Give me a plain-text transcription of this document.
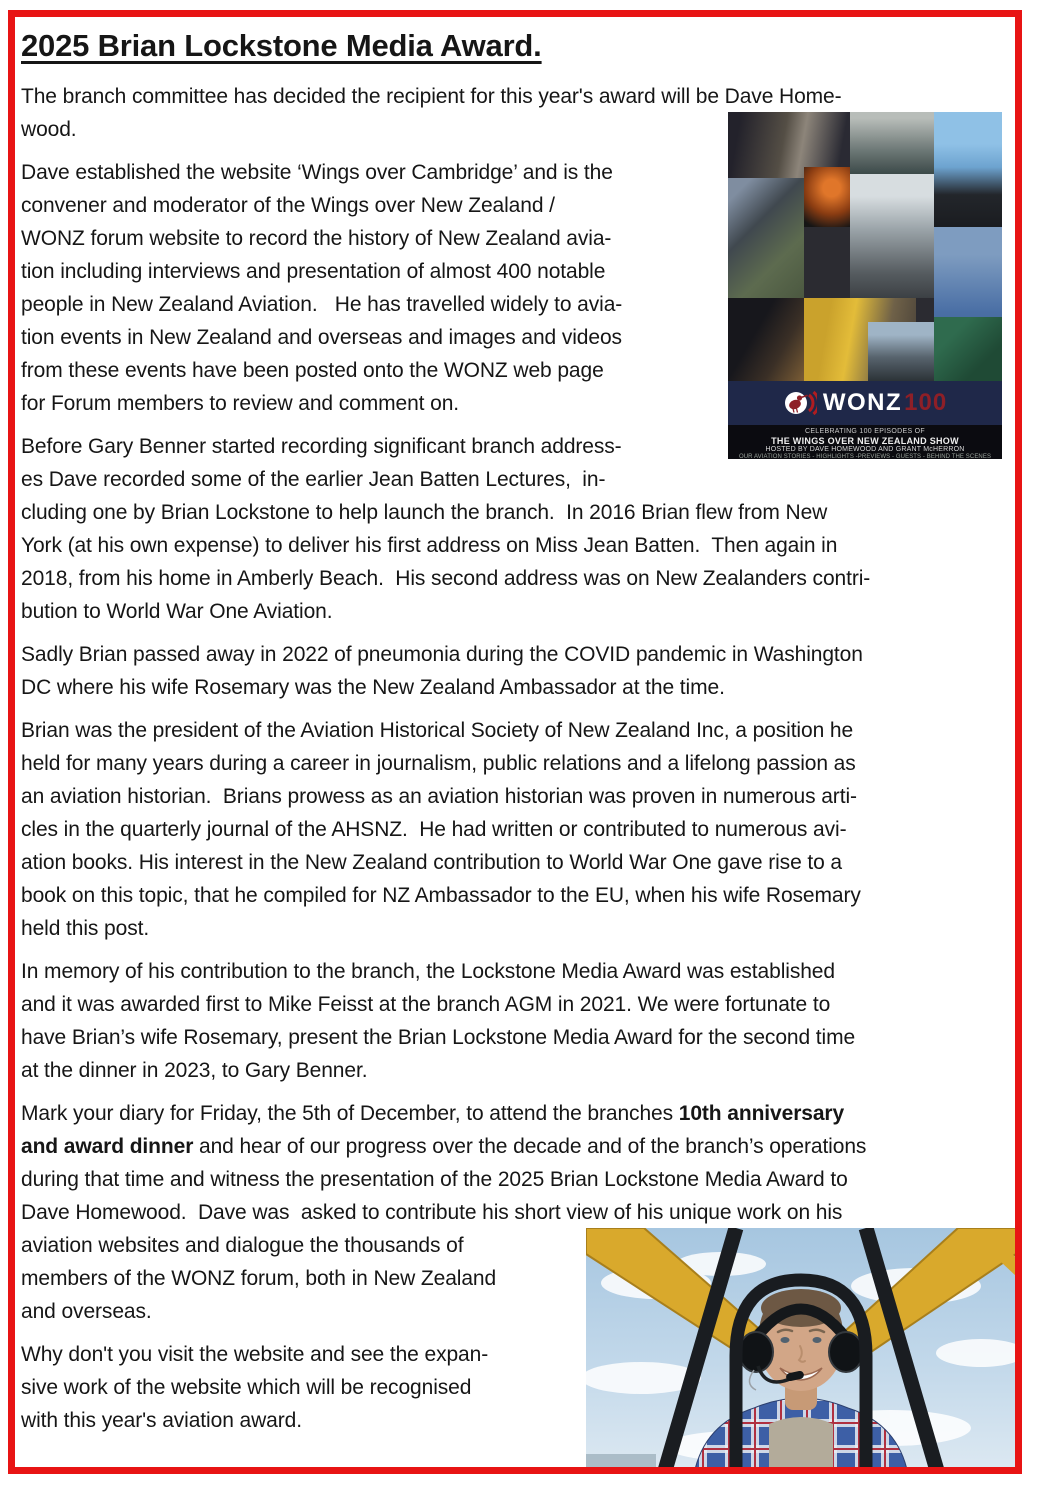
2025 Brian Lockstone Media Award.

The branch committee has decided the recipient for this year's award will be Dave Home-
wood.

Dave established the website ‘Wings over Cambridge’ and is the
convener and moderator of the Wings over New Zealand /
WONZ forum website to record the history of New Zealand avia-
tion including interviews and presentation of almost 400 notable
people in New Zealand Aviation.   He has travelled widely to avia-
tion events in New Zealand and overseas and images and videos
from these events have been posted onto the WONZ web page
for Forum members to review and comment on.

Before Gary Benner started recording significant branch address-
es Dave recorded some of the earlier Jean Batten Lectures,  in-
cluding one by Brian Lockstone to help launch the branch.  In 2016 Brian flew from New
York (at his own expense) to deliver his first address on Miss Jean Batten.  Then again in
2018, from his home in Amberly Beach.  His second address was on New Zealanders contri-
bution to World War One Aviation.

Sadly Brian passed away in 2022 of pneumonia during the COVID pandemic in Washington
DC where his wife Rosemary was the New Zealand Ambassador at the time.

Brian was the president of the Aviation Historical Society of New Zealand Inc, a position he
held for many years during a career in journalism, public relations and a lifelong passion as
an aviation historian.  Brians prowess as an aviation historian was proven in numerous arti-
cles in the quarterly journal of the AHSNZ.  He had written or contributed to numerous avi-
ation books. His interest in the New Zealand contribution to World War One gave rise to a
book on this topic, that he compiled for NZ Ambassador to the EU, when his wife Rosemary
held this post.

In memory of his contribution to the branch, the Lockstone Media Award was established
and it was awarded first to Mike Feisst at the branch AGM in 2021. We were fortunate to
have Brian’s wife Rosemary, present the Brian Lockstone Media Award for the second time
at the dinner in 2023, to Gary Benner.

Mark your diary for Friday, the 5th of December, to attend the branches 10th anniversary
and award dinner and hear of our progress over the decade and of the branch’s operations
during that time and witness the presentation of the 2025 Brian Lockstone Media Award to
Dave Homewood.  Dave was  asked to contribute his short view of his unique work on his
aviation websites and dialogue the thousands of
members of the WONZ forum, both in New Zealand
and overseas.

Why don't you visit the website and see the expan-
sive work of the website which will be recognised
with this year's aviation award.

WONZ 100
CELEBRATING 100 EPISODES OF
THE WINGS OVER NEW ZEALAND SHOW
HOSTED BY DAVE HOMEWOOD AND GRANT McHERRON
OUR AVIATION STORIES - HIGHLIGHTS -PREVIEWS - GUESTS - BEHIND THE SCENES
